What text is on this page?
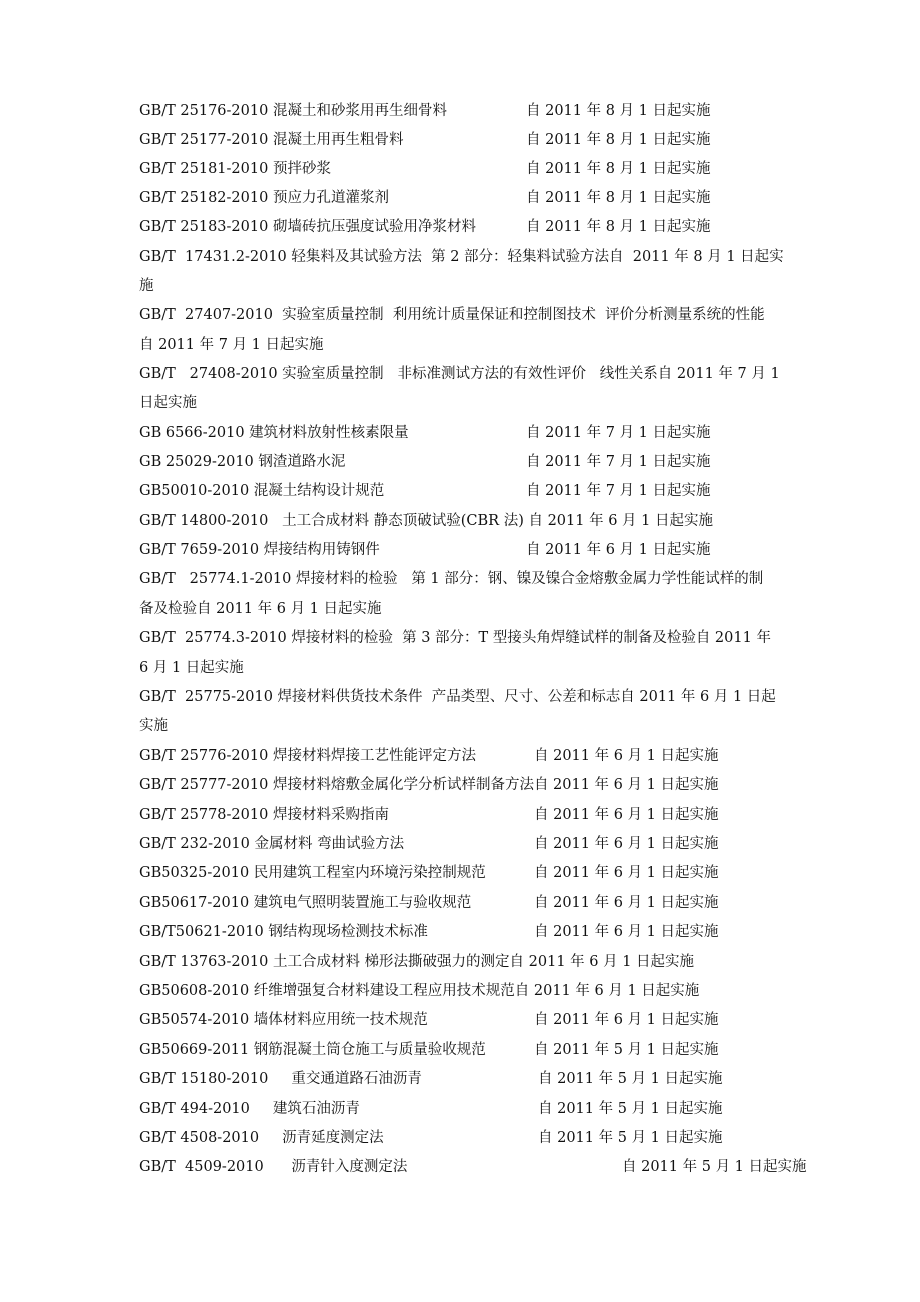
GB/T 25176-2010 混凝土和砂浆用再生细骨料	自 2011 年 8 月 1 日起实施
GB/T 25177-2010 混凝土用再生粗骨料	自 2011 年 8 月 1 日起实施
GB/T 25181-2010 预拌砂浆	自 2011 年 8 月 1 日起实施
GB/T 25182-2010 预应力孔道灌浆剂	自 2011 年 8 月 1 日起实施
GB/T 25183-2010 砌墙砖抗压强度试验用净浆材料	自 2011 年 8 月 1 日起实施
GB/T  17431.2-2010 轻集料及其试验方法  第 2 部分：轻集料试验方法自  2011 年 8 月 1 日起实
施
GB/T  27407-2010  实验室质量控制  利用统计质量保证和控制图技术  评价分析测量系统的性能
自 2011 年 7 月 1 日起实施
GB/T   27408-2010 实验室质量控制   非标准测试方法的有效性评价   线性关系自 2011 年 7 月 1
日起实施
GB 6566-2010 建筑材料放射性核素限量	自 2011 年 7 月 1 日起实施
GB 25029-2010 钢渣道路水泥	自 2011 年 7 月 1 日起实施
GB50010-2010 混凝土结构设计规范	自 2011 年 7 月 1 日起实施
GB/T 14800-2010   土工合成材料 静态顶破试验(CBR 法) 自 2011 年 6 月 1 日起实施
GB/T 7659-2010 焊接结构用铸钢件	自 2011 年 6 月 1 日起实施
GB/T   25774.1-2010 焊接材料的检验   第 1 部分：钢、镍及镍合金熔敷金属力学性能试样的制
备及检验自 2011 年 6 月 1 日起实施
GB/T  25774.3-2010 焊接材料的检验  第 3 部分：T 型接头角焊缝试样的制备及检验自 2011 年
6 月 1 日起实施
GB/T  25775-2010 焊接材料供货技术条件  产品类型、尺寸、公差和标志自 2011 年 6 月 1 日起
实施
GB/T 25776-2010 焊接材料焊接工艺性能评定方法	自 2011 年 6 月 1 日起实施
GB/T 25777-2010 焊接材料熔敷金属化学分析试样制备方法自 2011 年 6 月 1 日起实施
GB/T 25778-2010 焊接材料采购指南	自 2011 年 6 月 1 日起实施
GB/T 232-2010 金属材料 弯曲试验方法	自 2011 年 6 月 1 日起实施
GB50325-2010 民用建筑工程室内环境污染控制规范	自 2011 年 6 月 1 日起实施
GB50617-2010 建筑电气照明装置施工与验收规范	自 2011 年 6 月 1 日起实施
GB/T50621-2010 钢结构现场检测技术标准	自 2011 年 6 月 1 日起实施
GB/T 13763-2010 土工合成材料 梯形法撕破强力的测定自 2011 年 6 月 1 日起实施
GB50608-2010 纤维增强复合材料建设工程应用技术规范自 2011 年 6 月 1 日起实施
GB50574-2010 墙体材料应用统一技术规范	自 2011 年 6 月 1 日起实施
GB50669-2011 钢筋混凝土筒仓施工与质量验收规范	自 2011 年 5 月 1 日起实施
GB/T 15180-2010     重交通道路石油沥青	自 2011 年 5 月 1 日起实施
GB/T 494-2010     建筑石油沥青	自 2011 年 5 月 1 日起实施
GB/T 4508-2010     沥青延度测定法	自 2011 年 5 月 1 日起实施
GB/T  4509-2010      沥青针入度测定法	自 2011 年 5 月 1 日起实施
